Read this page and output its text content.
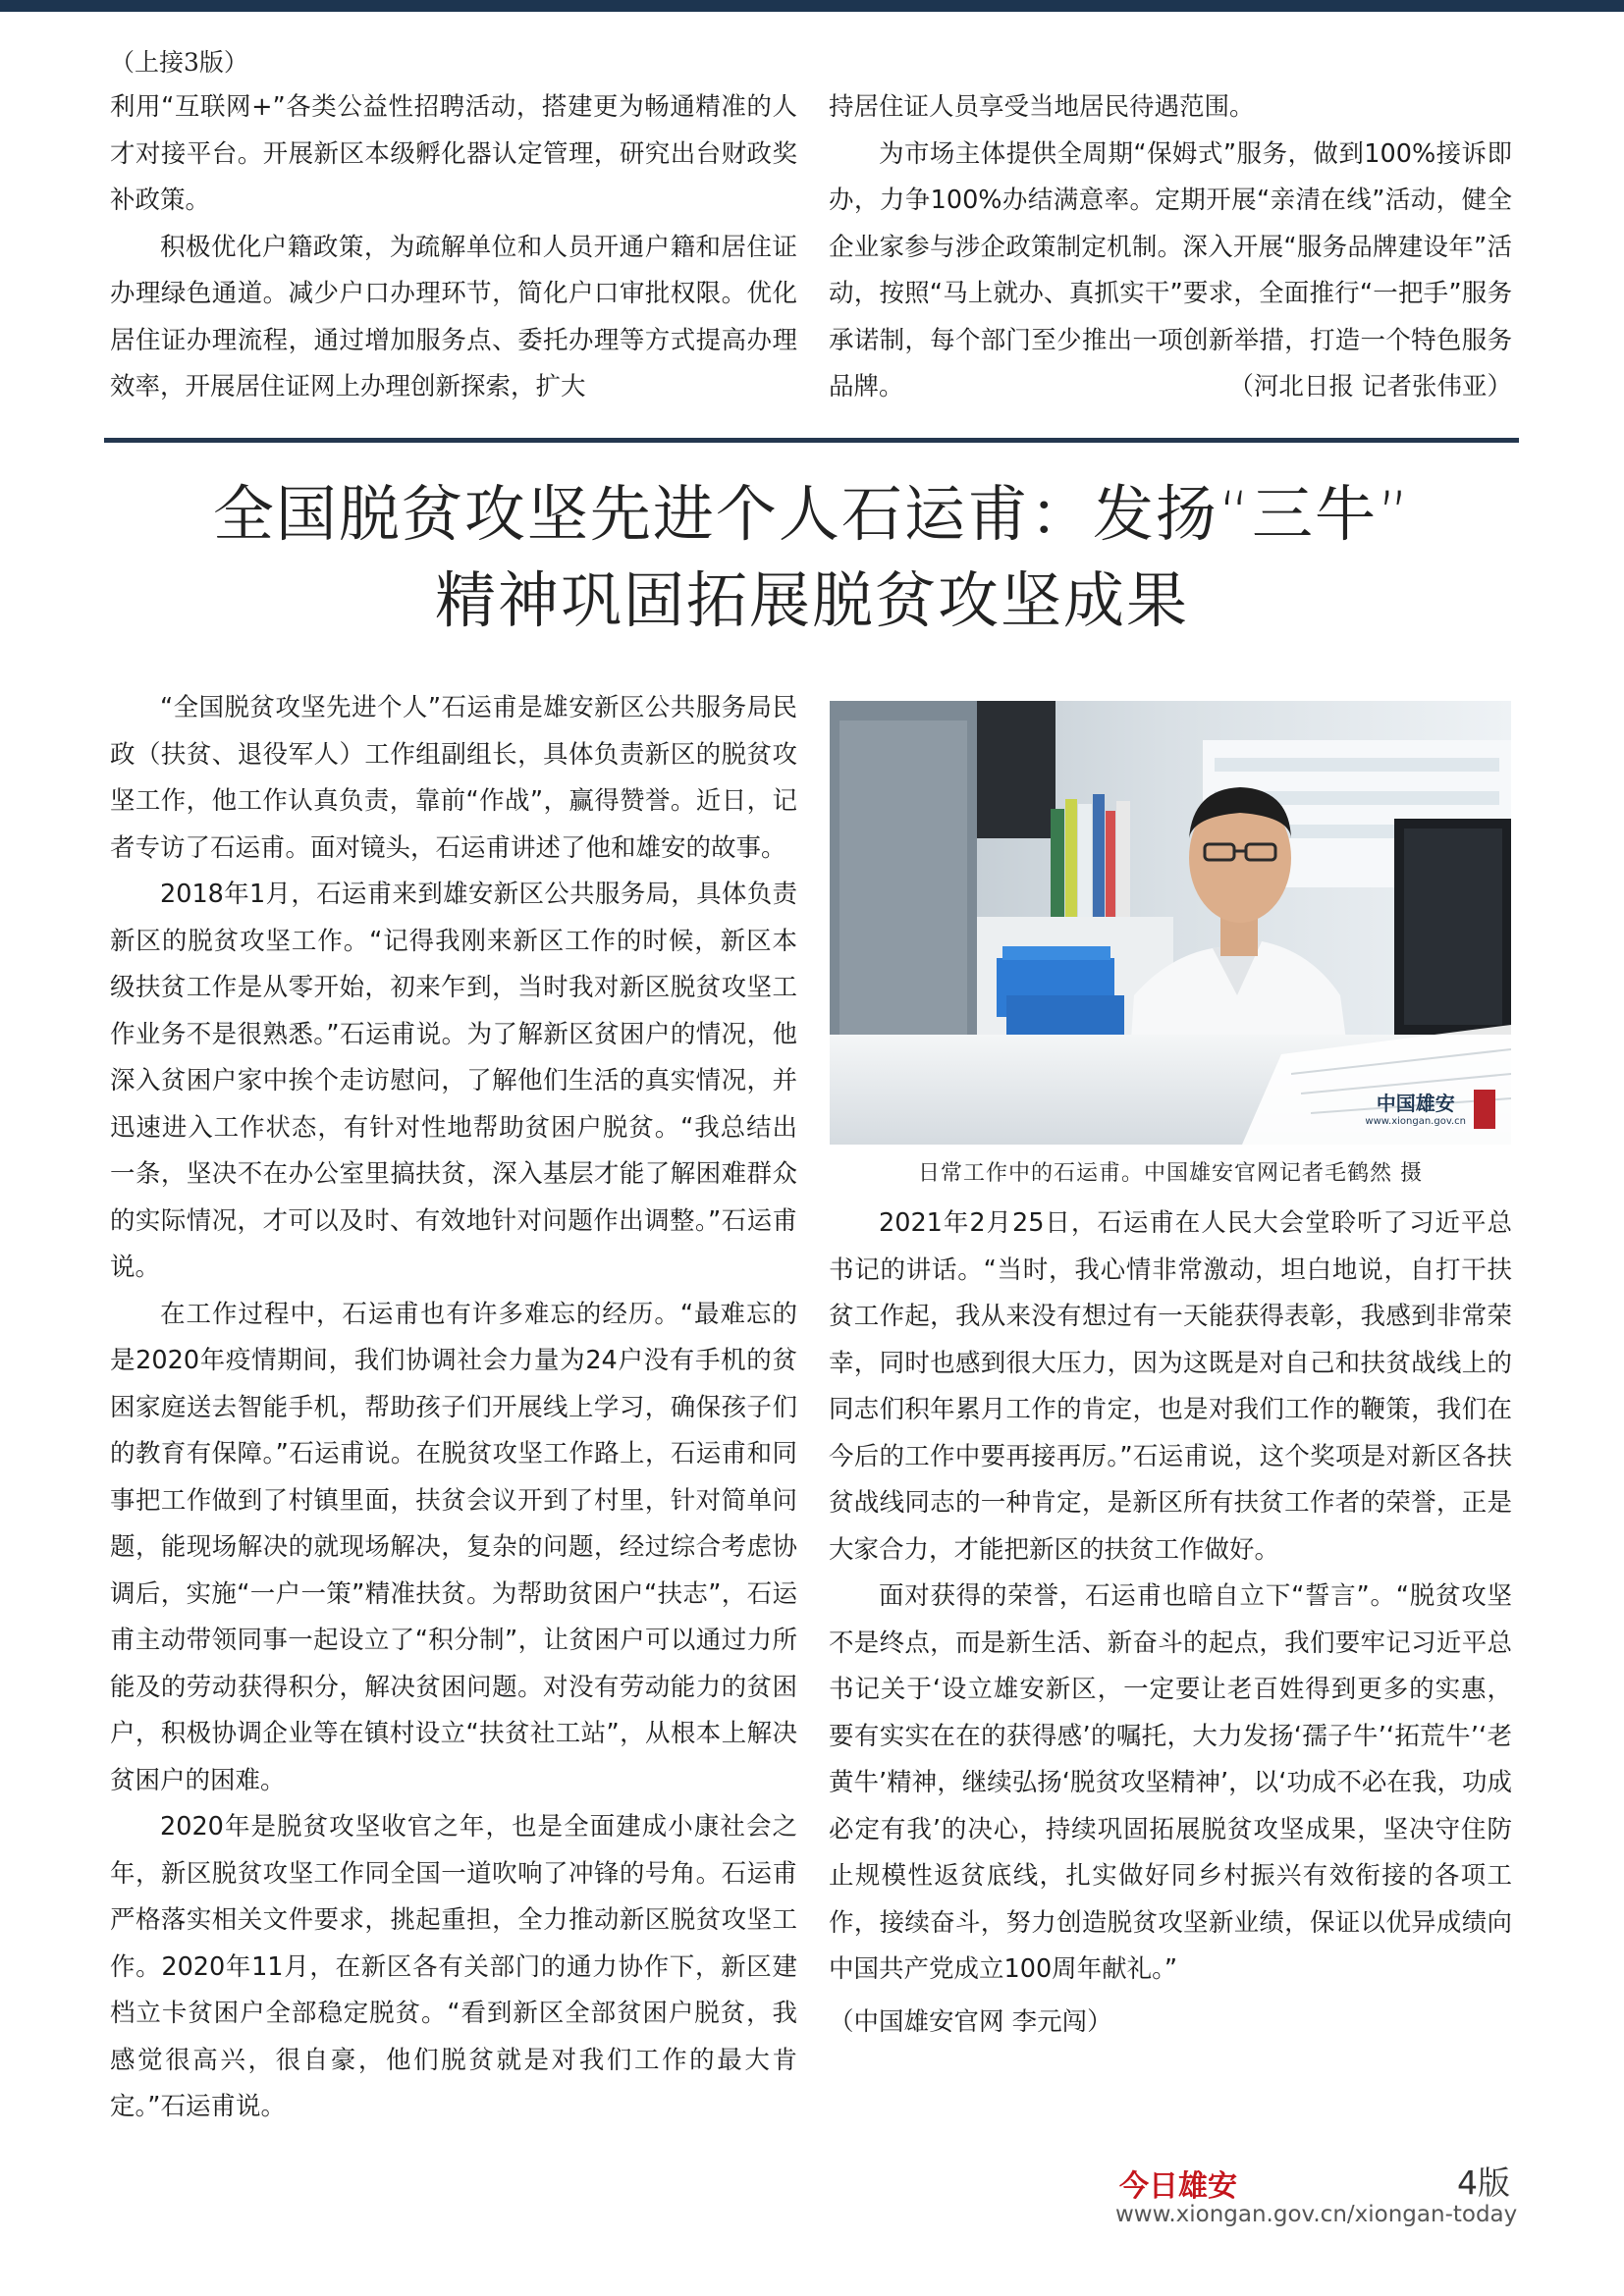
（上接3版）

利用“互联网+”各类公益性招聘活动，搭建更为畅通精准的人才对接平台。开展新区本级孵化器认定管理，研究出台财政奖补政策。

积极优化户籍政策，为疏解单位和人员开通户籍和居住证办理绿色通道。减少户口办理环节，简化户口审批权限。优化居住证办理流程，通过增加服务点、委托办理等方式提高办理效率，开展居住证网上办理创新探索，扩大

持居住证人员享受当地居民待遇范围。

为市场主体提供全周期“保姆式”服务，做到100%接诉即办，力争100%办结满意率。定期开展“亲清在线”活动，健全企业家参与涉企政策制定机制。深入开展“服务品牌建设年”活动，按照“马上就办、真抓实干”要求，全面推行“一把手”服务承诺制，每个部门至少推出一项创新举措，打造一个特色服务品牌。	（河北日报 记者张伟亚）

全国脱贫攻坚先进个人石运甫：发扬“三牛”
精神巩固拓展脱贫攻坚成果

“全国脱贫攻坚先进个人”石运甫是雄安新区公共服务局民政（扶贫、退役军人）工作组副组长，具体负责新区的脱贫攻坚工作，他工作认真负责，靠前“作战”，赢得赞誉。近日，记者专访了石运甫。面对镜头，石运甫讲述了他和雄安的故事。

2018年1月，石运甫来到雄安新区公共服务局，具体负责新区的脱贫攻坚工作。“记得我刚来新区工作的时候，新区本级扶贫工作是从零开始，初来乍到，当时我对新区脱贫攻坚工作业务不是很熟悉。”石运甫说。为了解新区贫困户的情况，他深入贫困户家中挨个走访慰问，了解他们生活的真实情况，并迅速进入工作状态，有针对性地帮助贫困户脱贫。“我总结出一条，坚决不在办公室里搞扶贫，深入基层才能了解困难群众的实际情况，才可以及时、有效地针对问题作出调整。”石运甫说。

在工作过程中，石运甫也有许多难忘的经历。“最难忘的是2020年疫情期间，我们协调社会力量为24户没有手机的贫困家庭送去智能手机，帮助孩子们开展线上学习，确保孩子们的教育有保障。”石运甫说。在脱贫攻坚工作路上，石运甫和同事把工作做到了村镇里面，扶贫会议开到了村里，针对简单问题，能现场解决的就现场解决，复杂的问题，经过综合考虑协调后，实施“一户一策”精准扶贫。为帮助贫困户“扶志”，石运甫主动带领同事一起设立了“积分制”，让贫困户可以通过力所能及的劳动获得积分，解决贫困问题。对没有劳动能力的贫困户，积极协调企业等在镇村设立“扶贫社工站”，从根本上解决贫困户的困难。

2020年是脱贫攻坚收官之年，也是全面建成小康社会之年，新区脱贫攻坚工作同全国一道吹响了冲锋的号角。石运甫严格落实相关文件要求，挑起重担，全力推动新区脱贫攻坚工作。2020年11月，在新区各有关部门的通力协作下，新区建档立卡贫困户全部稳定脱贫。“看到新区全部贫困户脱贫，我感觉很高兴，很自豪，他们脱贫就是对我们工作的最大肯定。”石运甫说。

中国雄安
www.xiongan.gov.cn
日常工作中的石运甫。中国雄安官网记者毛鹤然 摄

2021年2月25日，石运甫在人民大会堂聆听了习近平总书记的讲话。“当时，我心情非常激动，坦白地说，自打干扶贫工作起，我从来没有想过有一天能获得表彰，我感到非常荣幸，同时也感到很大压力，因为这既是对自己和扶贫战线上的同志们积年累月工作的肯定，也是对我们工作的鞭策，我们在今后的工作中要再接再厉。”石运甫说，这个奖项是对新区各扶贫战线同志的一种肯定，是新区所有扶贫工作者的荣誉，正是大家合力，才能把新区的扶贫工作做好。

面对获得的荣誉，石运甫也暗自立下“誓言”。“脱贫攻坚不是终点，而是新生活、新奋斗的起点，我们要牢记习近平总书记关于‘设立雄安新区，一定要让老百姓得到更多的实惠，要有实实在在的获得感’的嘱托，大力发扬‘孺子牛’‘拓荒牛’‘老黄牛’精神，继续弘扬‘脱贫攻坚精神’，以‘功成不必在我，功成必定有我’的决心，持续巩固拓展脱贫攻坚成果，坚决守住防止规模性返贫底线，扎实做好同乡村振兴有效衔接的各项工作，接续奋斗，努力创造脱贫攻坚新业绩，保证以优异成绩向中国共产党成立100周年献礼。”

（中国雄安官网 李元闯）

今日雄安	4版
www.xiongan.gov.cn/xiongan-today
